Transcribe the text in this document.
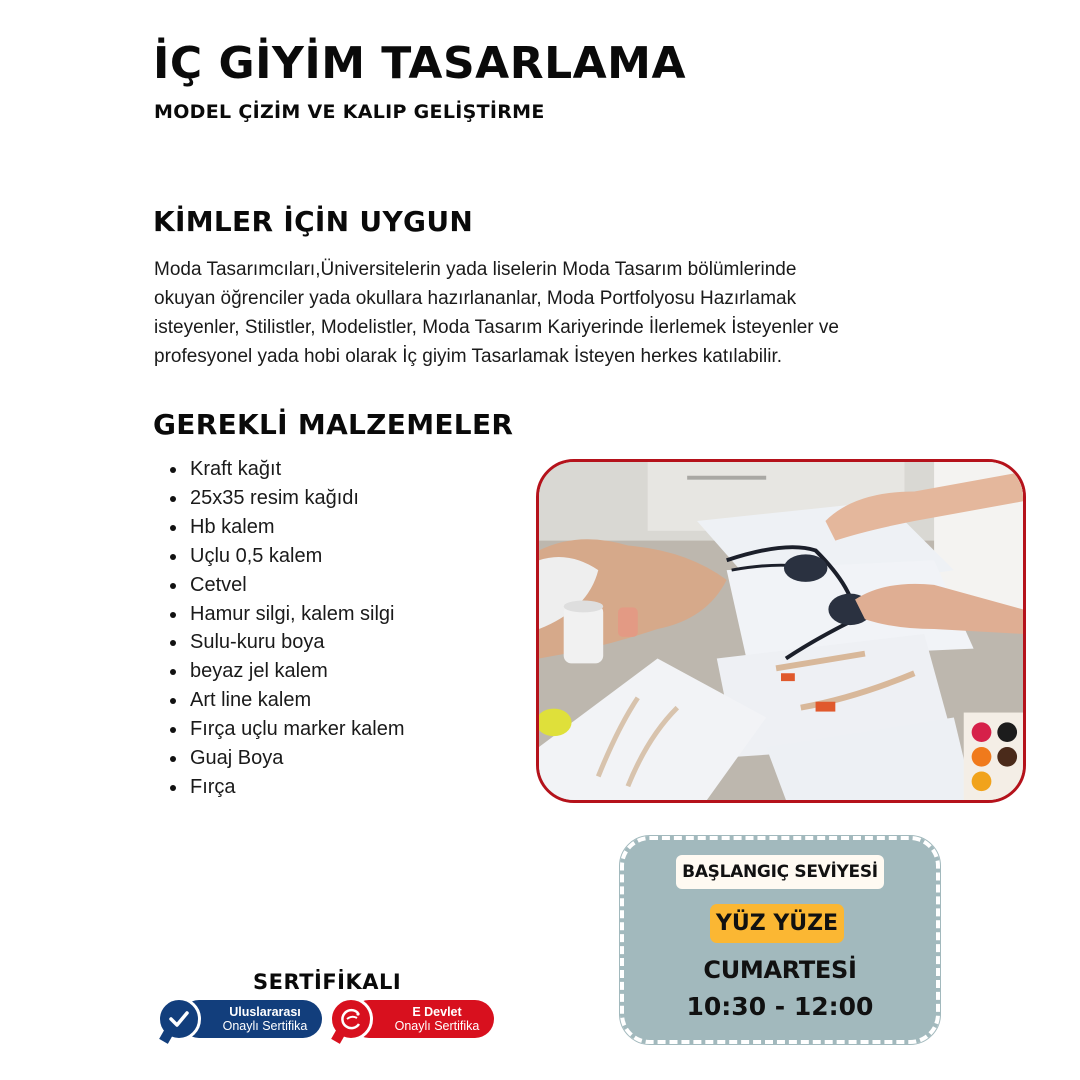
İÇ GİYİM TASARLAMA
MODEL ÇİZİM VE KALIP GELİŞTİRME
KİMLER İÇİN UYGUN
Moda Tasarımcıları,Üniversitelerin yada liselerin Moda Tasarım bölümlerinde
okuyan öğrenciler yada okullara hazırlananlar, Moda Portfolyosu Hazırlamak
isteyenler, Stilistler, Modelistler, Moda Tasarım Kariyerinde İlerlemek İsteyenler ve
profesyonel yada hobi olarak İç giyim Tasarlamak İsteyen herkes katılabilir.
GEREKLİ MALZEMELER
Kraft kağıt
25x35 resim kağıdı
Hb kalem
Uçlu 0,5 kalem
Cetvel
Hamur silgi, kalem silgi
Sulu-kuru boya
beyaz jel kalem
Art line kalem
Fırça uçlu marker kalem
Guaj Boya
Fırça
BAŞLANGIÇ SEVİYESİ
YÜZ YÜZE
CUMARTESİ
10:30 - 12:00
SERTİFİKALI
Uluslararası
Onaylı Sertifika
E Devlet
Onaylı Sertifika
